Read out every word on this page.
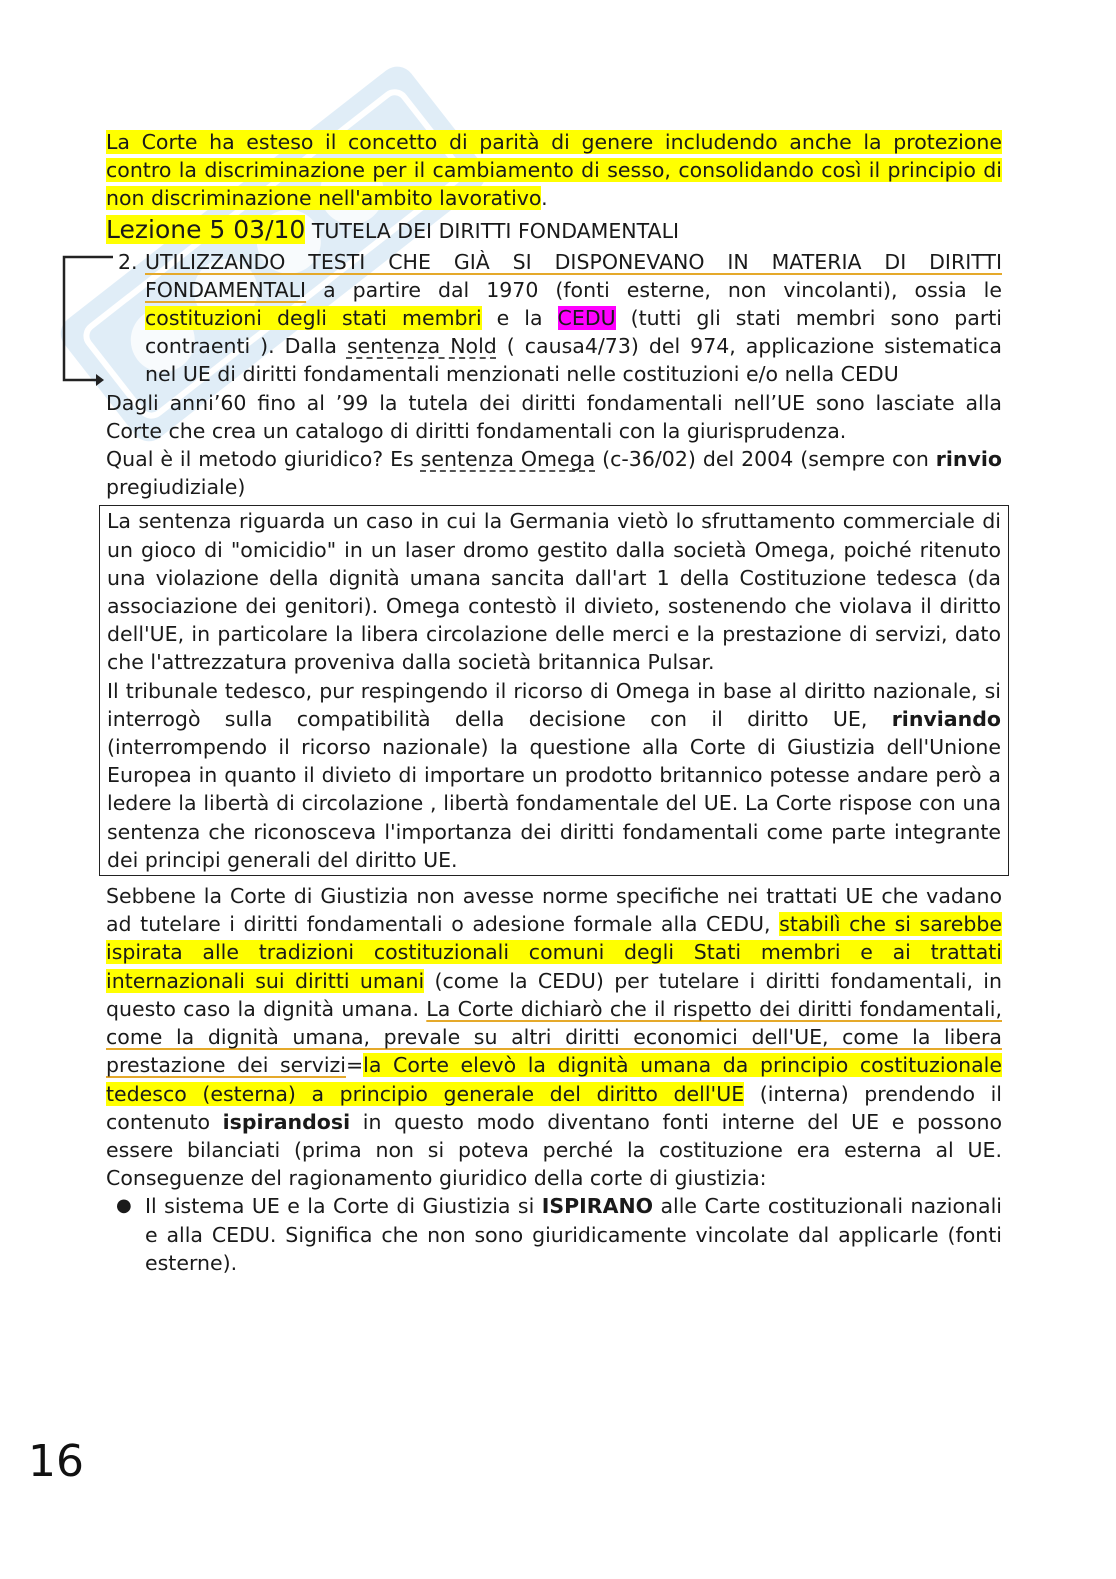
La Corte ha esteso il concetto di parità di genere includendo anche la protezione contro la discriminazione per il cambiamento di sesso, consolidando così il principio di non discriminazione nell'ambito lavorativo.

Lezione 5 03/10 TUTELA DEI DIRITTI FONDAMENTALI
2. UTILIZZANDO TESTI CHE GIÀ SI DISPONEVANO IN MATERIA DI DIRITTI FONDAMENTALI a partire dal 1970 (fonti esterne, non vincolanti), ossia le costituzioni degli stati membri e la CEDU (tutti gli stati membri sono parti contraenti ). Dalla sentenza Nold ( causa4/73) del 974, applicazione sistematica nel UE di diritti fondamentali menzionati nelle costituzioni e/o nella CEDU

Dagli anni’60 fino al ’99 la tutela dei diritti fondamentali nell’UE sono lasciate alla Corte che crea un catalogo di diritti fondamentali con la giurisprudenza.

Qual è il metodo giuridico? Es sentenza Omega (c-36/02) del 2004 (sempre con rinvio pregiudiziale)

La sentenza riguarda un caso in cui la Germania vietò lo sfruttamento commerciale di un gioco di "omicidio" in un laser dromo gestito dalla società Omega, poiché ritenuto una violazione della dignità umana sancita dall'art 1 della Costituzione tedesca (da associazione dei genitori). Omega contestò il divieto, sostenendo che violava il diritto dell'UE, in particolare la libera circolazione delle merci e la prestazione di servizi, dato che l'attrezzatura proveniva dalla società britannica Pulsar.

Il tribunale tedesco, pur respingendo il ricorso di Omega in base al diritto nazionale, si interrogò sulla compatibilità della decisione con il diritto UE, rinviando (interrompendo il ricorso nazionale) la questione alla Corte di Giustizia dell'Unione Europea in quanto il divieto di importare un prodotto britannico potesse andare però a ledere la libertà di circolazione , libertà fondamentale del UE. La Corte rispose con una sentenza che riconosceva l'importanza dei diritti fondamentali come parte integrante dei principi generali del diritto UE.

Sebbene la Corte di Giustizia non avesse norme specifiche nei trattati UE che vadano ad tutelare i diritti fondamentali o adesione formale alla CEDU, stabilì che si sarebbe ispirata alle tradizioni costituzionali comuni degli Stati membri e ai trattati internazionali sui diritti umani (come la CEDU) per tutelare i diritti fondamentali, in questo caso la dignità umana. La Corte dichiarò che il rispetto dei diritti fondamentali, come la dignità umana, prevale su altri diritti economici dell'UE, come la libera prestazione dei servizi=la Corte elevò la dignità umana da principio costituzionale tedesco (esterna) a principio generale del diritto dell'UE (interna) prendendo il contenuto ispirandosi in questo modo diventano fonti interne del UE e possono essere bilanciati (prima non si poteva perché la costituzione era esterna al UE. Conseguenze del ragionamento giuridico della corte di giustizia:

● Il sistema UE e la Corte di Giustizia si ISPIRANO alle Carte costituzionali nazionali e alla CEDU. Significa che non sono giuridicamente vincolate dal applicarle (fonti esterne).
16
